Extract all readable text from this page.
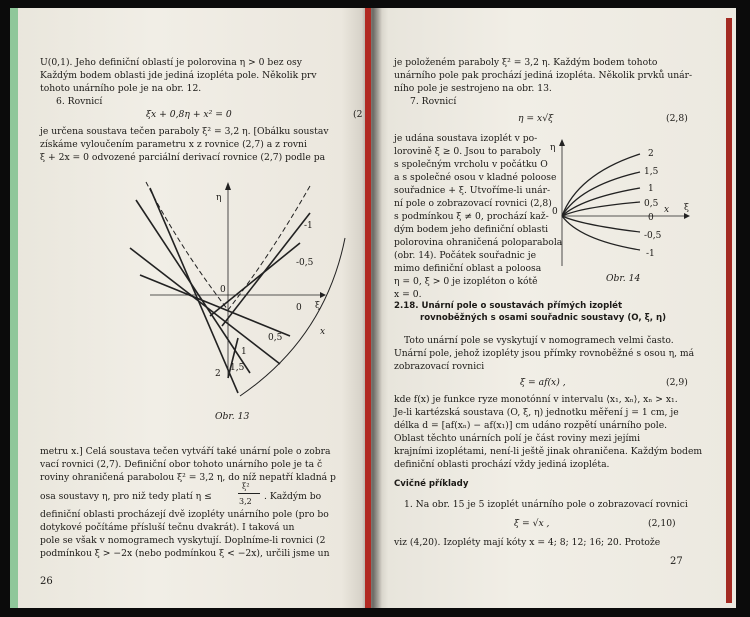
U(0,1). Jeho definiční oblastí je polorovina η > 0 bez osy
Každým bodem oblasti jde jediná izopléta pole. Několik prv
tohoto unárního pole je na obr. 12.
6. Rovnicí
ξx + 0,8η + x² = 0	(2
je určena soustava tečen paraboly ξ² = 3,2 η. [Obálku soustav
získáme vyloučením parametru x z rovnice (2,7) a z rovni
ξ + 2x = 0 odvozené parciální derivací rovnice (2,7) podle pa
η
ξ
0
-1
-0,5
0
0,5
1
1,5
2
x
Obr. 13
metru x.] Celá soustava tečen vytváří také unární pole o zobra
vací rovnici (2,7). Definiční obor tohoto unárního pole je ta č
roviny ohraničená parabolou ξ² = 3,2 η, do níž nepatří kladná p
osa soustavy η, pro niž tedy platí η ≤
ξ²
3,2 . Každým bo
definiční oblasti procházejí dvě izopléty unárního pole (pro bo
dotykové počítáme přísluší tečnu dvakrát). I taková un
pole se však v nomogramech vyskytují. Doplníme-li rovnici (2
podmínkou ξ > −2x (nebo podmínkou ξ < −2x), určili jsme un
26
je položeném paraboly ξ² = 3,2 η. Každým bodem tohoto
unárního pole pak prochází jediná izopléta. Několik prvků unár-
ního pole je sestrojeno na obr. 13.
7. Rovnicí
η = x√ξ	(2,8)
je udána soustava izoplét v po-
lorovině ξ ≥ 0. Jsou to paraboly
s společným vrcholu v počátku O
a s společné osou v kladné poloose
souřadnice + ξ. Utvoříme-li unár-
ní pole o zobrazovací rovnici (2,8)
s podmínkou ξ ≠ 0, prochází kaž-
dým bodem jeho definiční oblasti
polorovina ohraničená poloparabola
(obr. 14). Počátek souřadnic je
mimo definiční oblast a poloosa
η = 0, ξ > 0 je izopléton o kótě
x = 0.
η
ξ
0
2
1,5
1
0,5
0
x
-0,5
-1
Obr. 14
2.18. Unární pole o soustavách přímých izoplét
rovnoběžných s osami souřadnic soustavy (O, ξ, η)
Toto unární pole se vyskytují v nomogramech velmi často.
Unární pole, jehož izopléty jsou přímky rovnoběžné s osou η, má
zobrazovací rovnici
ξ = af(x) ,	(2,9)
kde f(x) je funkce ryze monotónní v intervalu ⟨x₁, xₙ⟩, xₙ > x₁.
Je-li kartézská soustava (O, ξ, η) jednotku měření j = 1 cm, je
délka d = [af(xₙ) − af(x₁)] cm udáno rozpětí unárního pole.
Oblast těchto unárních polí je část roviny mezi jejími
krajními izoplétami, není-li ještě jinak ohraničena. Každým bodem
definiční oblasti prochází vždy jediná izopléta.
Cvičné příklady
1. Na obr. 15 je 5 izoplét unárního pole o zobrazovací rovnici
ξ = √x ,	(2,10)
viz (4,20). Izopléty mají kóty x = 4; 8; 12; 16; 20. Protože
27
